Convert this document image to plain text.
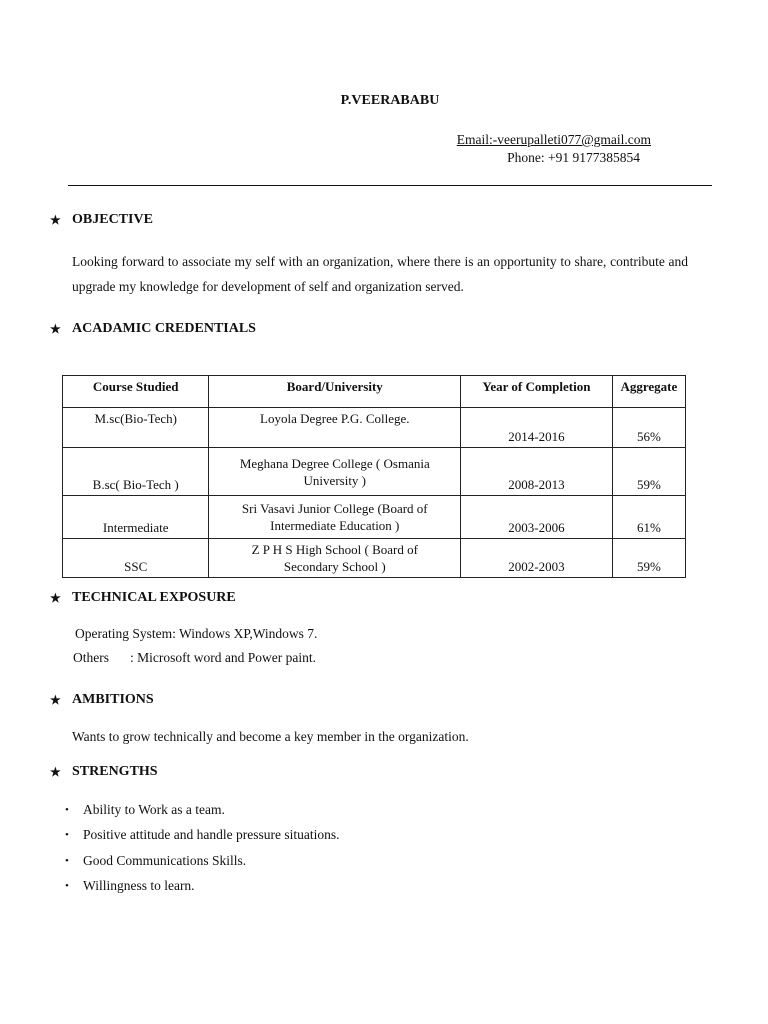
P.VEERABABU
Email:-veerupalleti077@gmail.com
Phone: +91 9177385854
★ OBJECTIVE
Looking forward to associate my self with an organization, where there is an opportunity to share, contribute and upgrade my knowledge for development of self and organization served.
★ ACADAMIC CREDENTIALS
Course Studied	Board/University	Year of Completion	Aggregate
M.sc(Bio-Tech)	Loyola Degree P.G. College.	2014-2016	56%
B.sc( Bio-Tech )	Meghana Degree College ( Osmania University )	2008-2013	59%
Intermediate	Sri Vasavi Junior College (Board of Intermediate Education )	2003-2006	61%
SSC	Z P H S High School ( Board of Secondary School )	2002-2003	59%
★ TECHNICAL EXPOSURE
Operating System: Windows XP,Windows 7.
Others : Microsoft word and Power paint.
★ AMBITIONS
Wants to grow technically and become a key member in the organization.
★ STRENGTHS
•	Ability to Work as a team.
•	Positive attitude and handle pressure situations.
•	Good Communications Skills.
•	Willingness to learn.
